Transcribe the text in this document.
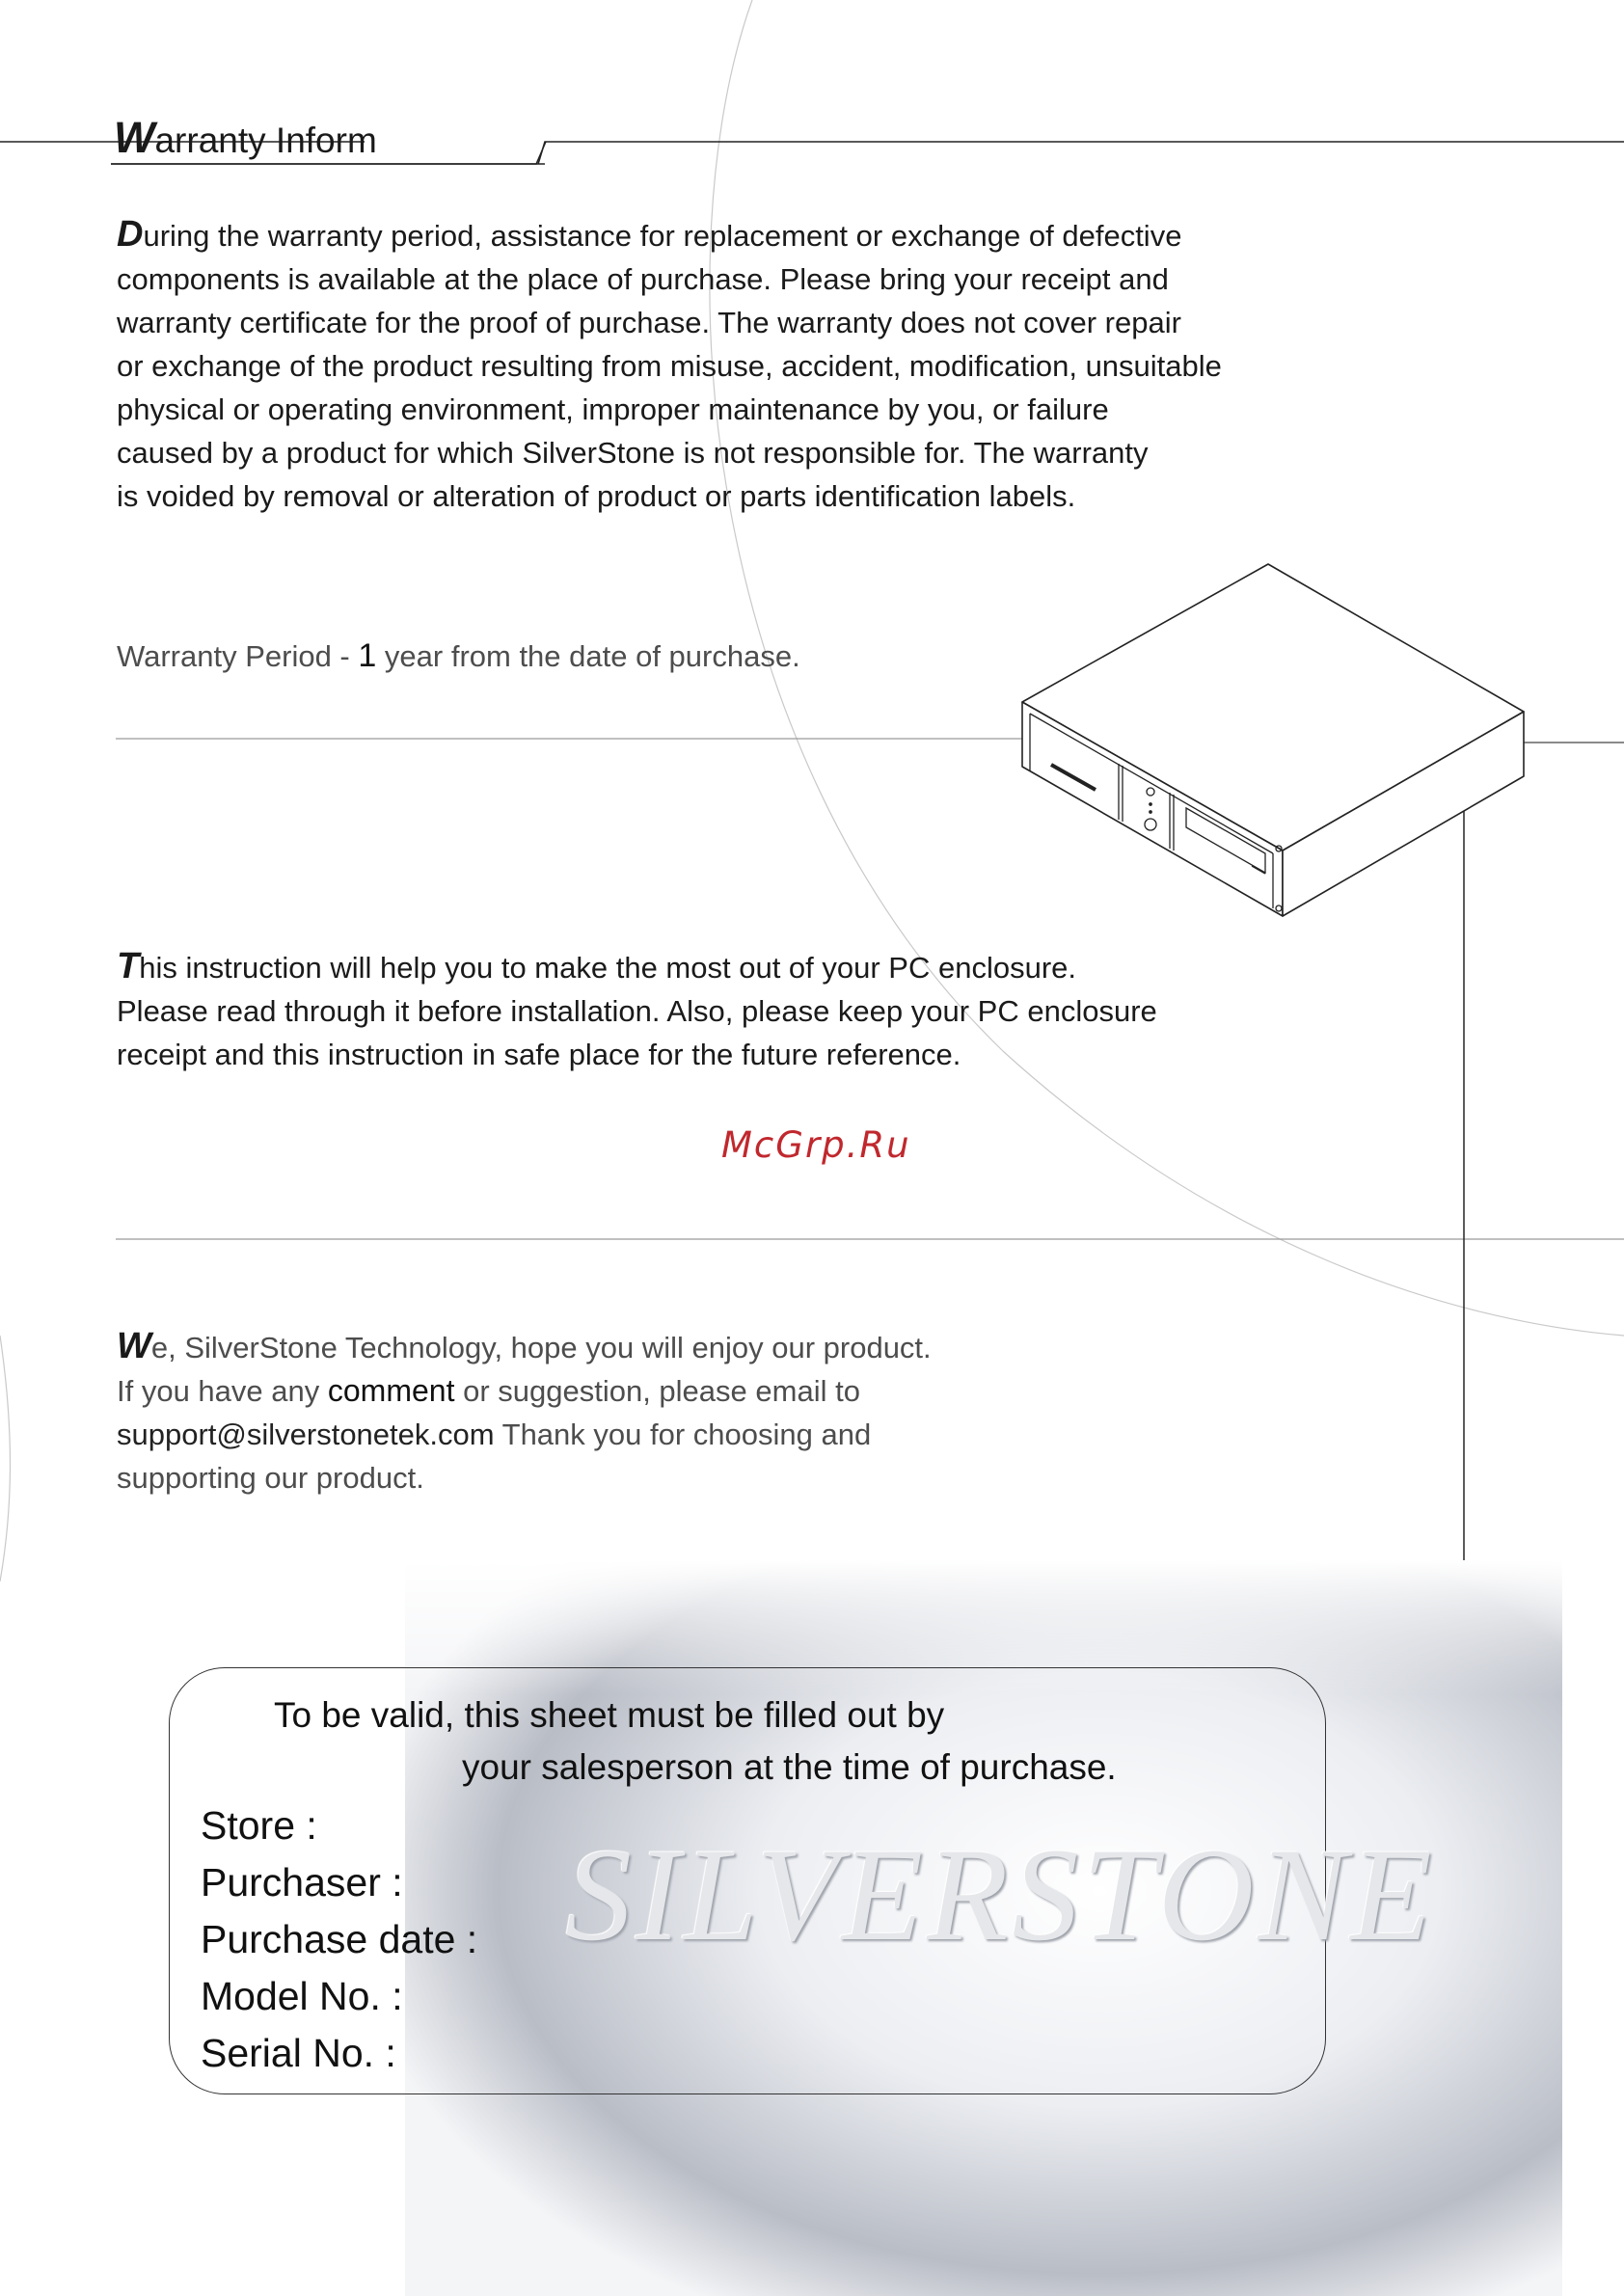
Warranty Inform
During the warranty period, assistance for replacement or exchange of defective
components is available at the place of purchase. Please bring your receipt and
warranty certificate for the proof of purchase. The warranty does not cover repair
or exchange of the product resulting from misuse, accident, modification, unsuitable
physical or operating environment, improper maintenance by you, or failure
caused by a product for which SilverStone is not responsible for. The warranty
is voided by removal or alteration of product or parts identification labels.
Warranty Period - 1 year from the date of purchase.
This instruction will help you to make the most out of your PC enclosure.
Please read through it before installation. Also, please keep your PC enclosure
receipt and this instruction in safe place for the future reference.
McGrp.Ru
We, SilverStone Technology, hope you will enjoy our product.
If you have any comment or suggestion, please email to
support@silverstonetek.com Thank you for choosing and
supporting our product.
SILVERSTONE
To be valid, this sheet must be filled out by
your salesperson at the time of purchase.
Store :
Purchaser :
Purchase date :
Model No. :
Serial No. :
